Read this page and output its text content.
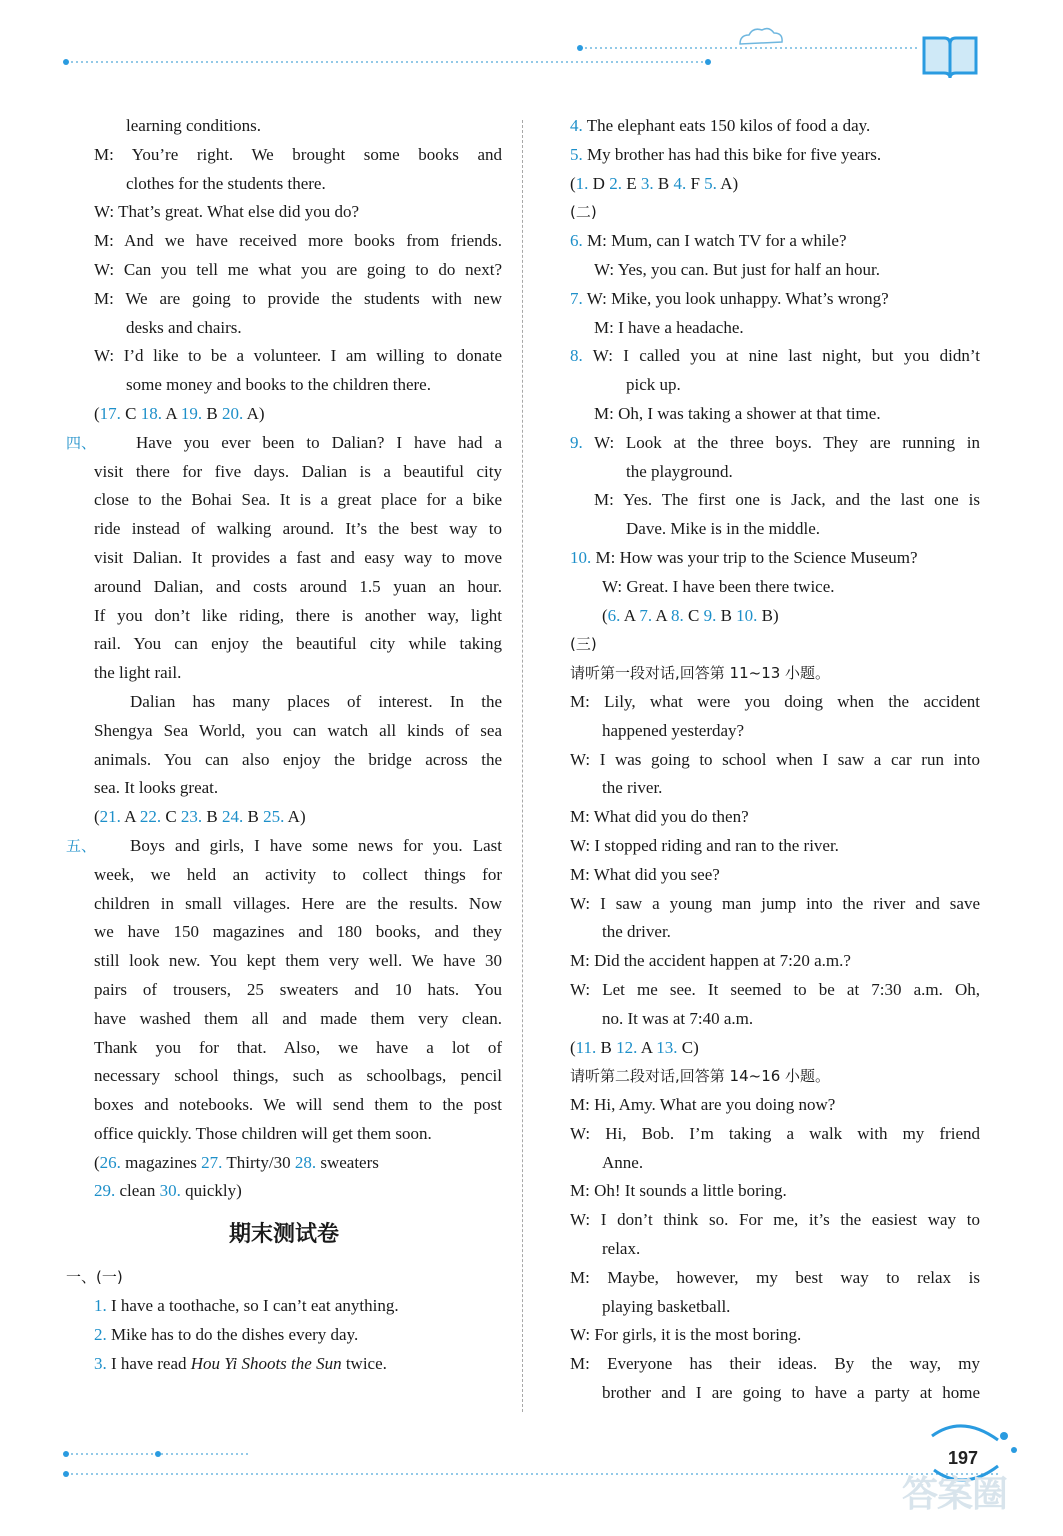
learning conditions.
M: You’re right. We brought some books and
clothes for the students there.
W: That’s great. What else did you do?
M: And we have received more books from friends.
W: Can you tell me what you are going to do next?
M: We are going to provide the students with new
desks and chairs.
W: I’d like to be a volunteer. I am willing to donate
some money and books to the children there.
(17. C 18. A 19. B 20. A)
四、 Have you ever been to Dalian? I have had a
visit there for five days. Dalian is a beautiful city
close to the Bohai Sea. It is a great place for a bike
ride instead of walking around. It’s the best way to
visit Dalian. It provides a fast and easy way to move
around Dalian, and costs around 1.5 yuan an hour.
If you don’t like riding, there is another way, light
rail. You can enjoy the beautiful city while taking
the light rail.
Dalian has many places of interest. In the
Shengya Sea World, you can watch all kinds of sea
animals. You can also enjoy the bridge across the
sea. It looks great.
(21. A 22. C 23. B 24. B 25. A)
五、 Boys and girls, I have some news for you. Last
week, we held an activity to collect things for
children in small villages. Here are the results. Now
we have 150 magazines and 180 books, and they
still look new. You kept them very well. We have 30
pairs of trousers, 25 sweaters and 10 hats. You
have washed them all and made them very clean.
Thank you for that. Also, we have a lot of
necessary school things, such as schoolbags, pencil
boxes and notebooks. We will send them to the post
office quickly. Those children will get them soon.
(26. magazines 27. Thirty/30 28. sweaters
29. clean 30. quickly)
期末测试卷
一、(一)
1. I have a toothache, so I can’t eat anything.
2. Mike has to do the dishes every day.
3. I have read Hou Yi Shoots the Sun twice.
4. The elephant eats 150 kilos of food a day.
5. My brother has had this bike for five years.
(1. D 2. E 3. B 4. F 5. A)
(二)
6. M: Mum, can I watch TV for a while?
W: Yes, you can. But just for half an hour.
7. W: Mike, you look unhappy. What’s wrong?
M: I have a headache.
8. W: I called you at nine last night, but you didn’t
pick up.
M: Oh, I was taking a shower at that time.
9. W: Look at the three boys. They are running in
the playground.
M: Yes. The first one is Jack, and the last one is
Dave. Mike is in the middle.
10. M: How was your trip to the Science Museum?
W: Great. I have been there twice.
(6. A 7. A 8. C 9. B 10. B)
(三)
请听第一段对话,回答第 11~13 小题。
M: Lily, what were you doing when the accident
happened yesterday?
W: I was going to school when I saw a car run into
the river.
M: What did you do then?
W: I stopped riding and ran to the river.
M: What did you see?
W: I saw a young man jump into the river and save
the driver.
M: Did the accident happen at 7:20 a.m.?
W: Let me see. It seemed to be at 7:30 a.m. Oh,
no. It was at 7:40 a.m.
(11. B 12. A 13. C)
请听第二段对话,回答第 14~16 小题。
M: Hi, Amy. What are you doing now?
W: Hi, Bob. I’m taking a walk with my friend
Anne.
M: Oh! It sounds a little boring.
W: I don’t think so. For me, it’s the easiest way to
relax.
M: Maybe, however, my best way to relax is
playing basketball.
W: For girls, it is the most boring.
M: Everyone has their ideas. By the way, my
brother and I are going to have a party at home
197
答案圈
